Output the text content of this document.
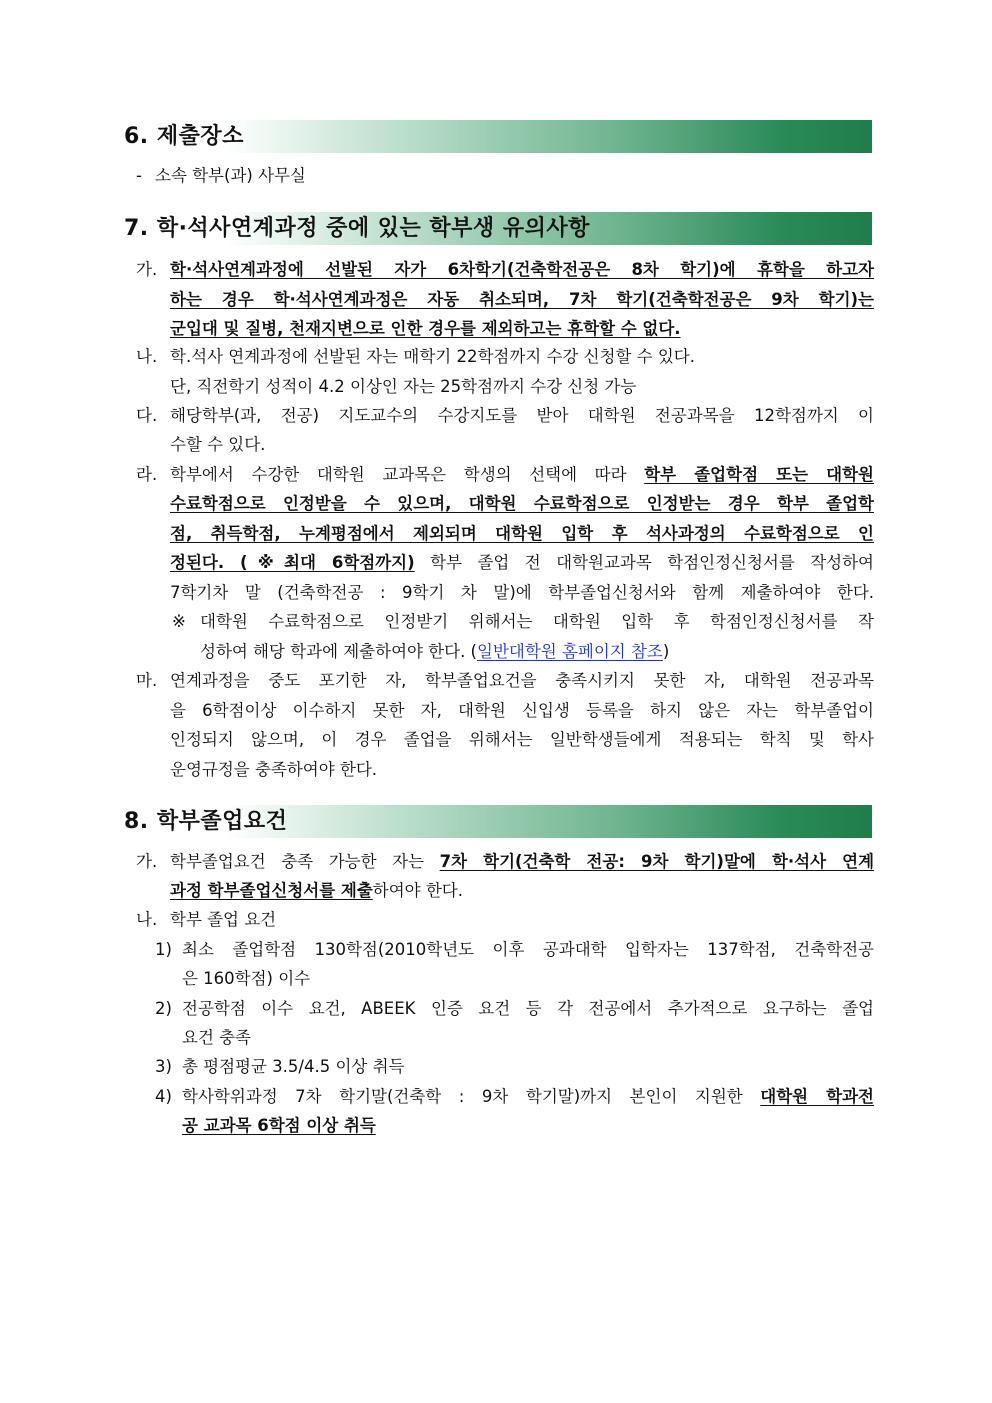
6. 제출장소
- 소속 학부(과) 사무실
7. 학·석사연계과정 중에 있는 학부생 유의사항
가. 학·석사연계과정에 선발된 자가 6차학기(건축학전공은 8차 학기)에 휴학을 하고자
하는 경우 학·석사연계과정은 자동 취소되며, 7차 학기(건축학전공은 9차 학기)는
군입대 및 질병, 천재지변으로 인한 경우를 제외하고는 휴학할 수 없다.
나. 학.석사 연계과정에 선발된 자는 매학기 22학점까지 수강 신청할 수 있다.
단, 직전학기 성적이 4.2 이상인 자는 25학점까지 수강 신청 가능
다. 해당학부(과, 전공) 지도교수의 수강지도를 받아 대학원 전공과목을 12학점까지 이
수할 수 있다.
라. 학부에서 수강한 대학원 교과목은 학생의 선택에 따라 학부 졸업학점 또는 대학원
수료학점으로 인정받을 수 있으며, 대학원 수료학점으로 인정받는 경우 학부 졸업학
점, 취득학점, 누계평점에서 제외되며 대학원 입학 후 석사과정의 수료학점으로 인
정된다. (※최대 6학점까지) 학부 졸업 전 대학원교과목 학점인정신청서를 작성하여
7학기차 말 (건축학전공 : 9학기 차 말)에 학부졸업신청서와 함께 제출하여야 한다.
※ 대학원 수료학점으로 인정받기 위해서는 대학원 입학 후 학점인정신청서를 작
성하여 해당 학과에 제출하여야 한다. (일반대학원 홈페이지 참조)
마. 연계과정을 중도 포기한 자, 학부졸업요건을 충족시키지 못한 자, 대학원 전공과목
을 6학점이상 이수하지 못한 자, 대학원 신입생 등록을 하지 않은 자는 학부졸업이
인정되지 않으며, 이 경우 졸업을 위해서는 일반학생들에게 적용되는 학칙 및 학사
운영규정을 충족하여야 한다.
8. 학부졸업요건
가. 학부졸업요건 충족 가능한 자는 7차 학기(건축학 전공: 9차 학기)말에 학·석사 연계
과정 학부졸업신청서를 제출하여야 한다.
나. 학부 졸업 요건
1) 최소 졸업학점 130학점(2010학년도 이후 공과대학 입학자는 137학점, 건축학전공
은 160학점) 이수
2) 전공학점 이수 요건, ABEEK 인증 요건 등 각 전공에서 추가적으로 요구하는 졸업
요건 충족
3) 총 평점평균 3.5/4.5 이상 취득
4) 학사학위과정 7차 학기말(건축학 : 9차 학기말)까지 본인이 지원한 대학원 학과전
공 교과목 6학점 이상 취득
